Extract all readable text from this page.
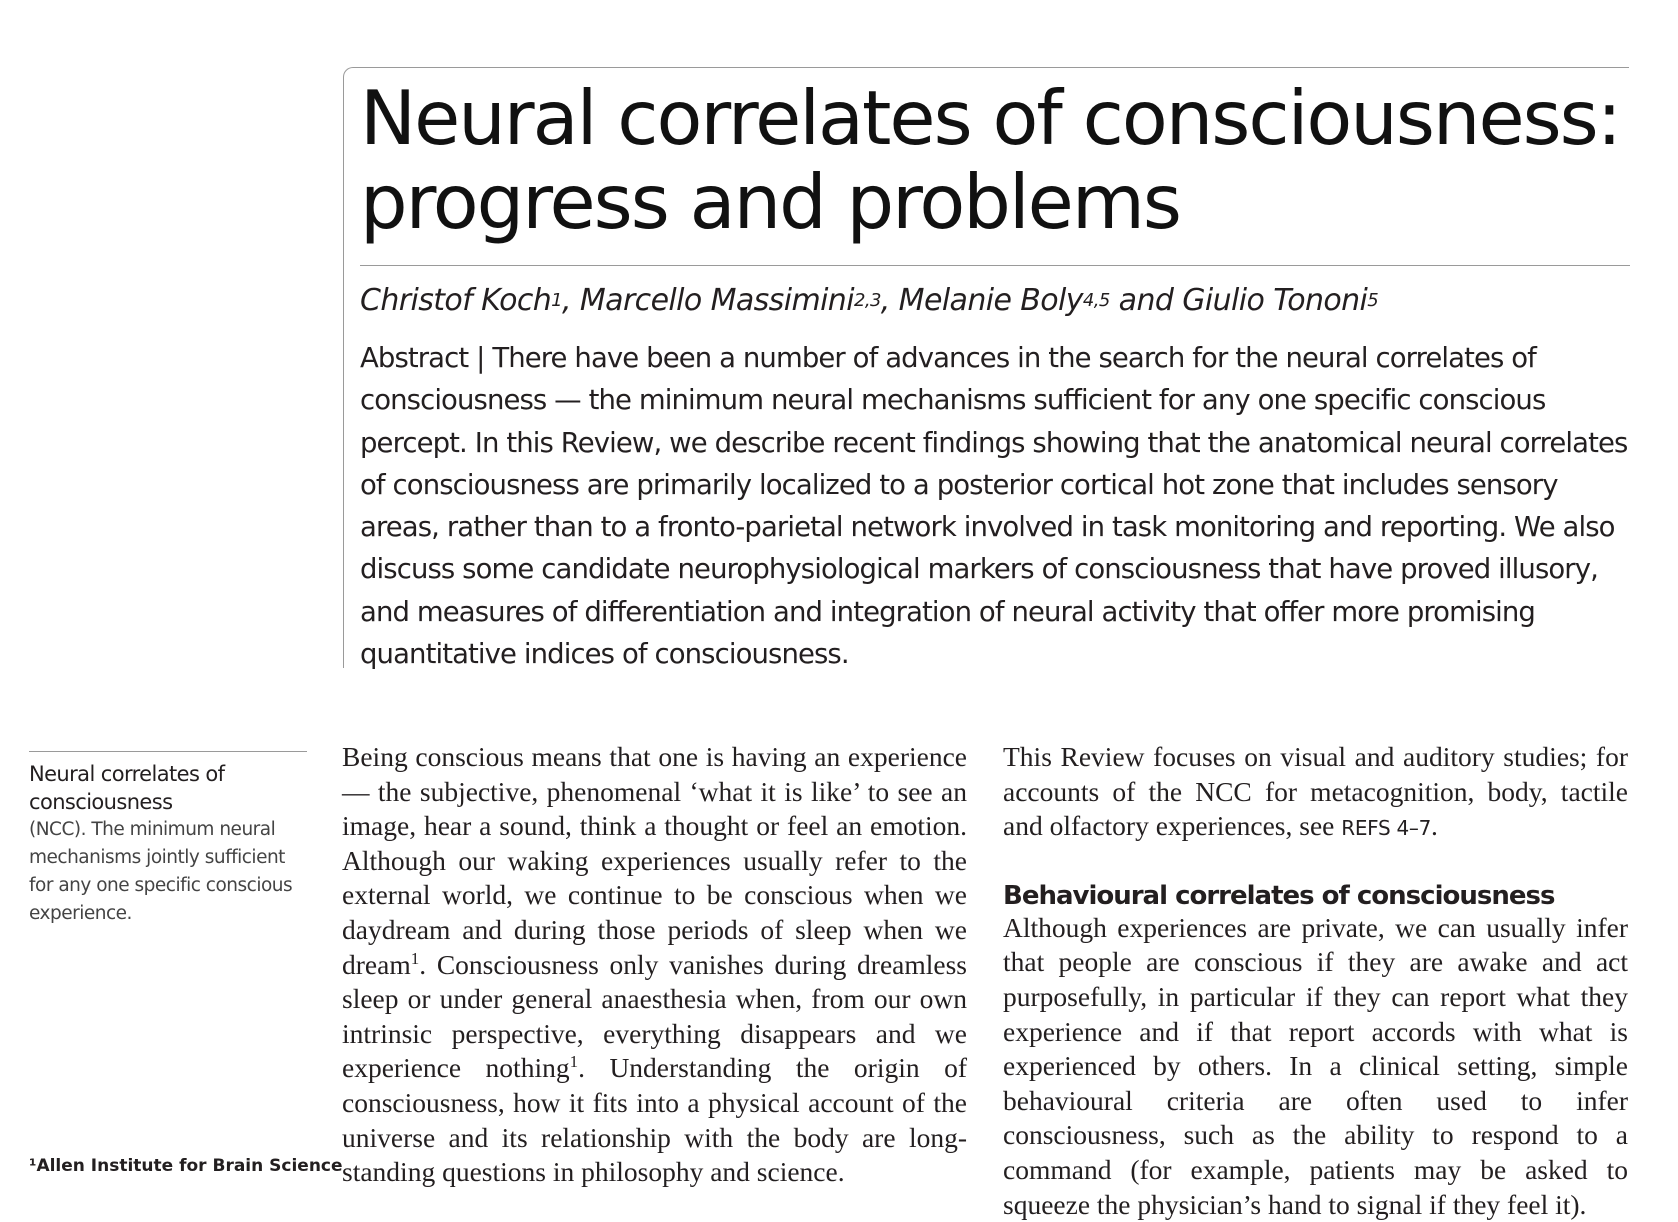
Neural correlates of consciousness: progress and problems
Christof Koch$^1$, Marcello Massimini$^{2,3}$, Melanie Boly$^{4,5}$ and Giulio Tononi$^5$

Abstract | There have been a number of advances in the search for the neural correlates of consciousness — the minimum neural mechanisms sufficient for any one specific conscious percept. In this Review, we describe recent findings showing that the anatomical neural correlates of consciousness are primarily localized to a posterior cortical hot zone that includes sensory areas, rather than to a fronto-parietal network involved in task monitoring and reporting. We also discuss some candidate neurophysiological markers of consciousness that have proved illusory, and measures of differentiation and integration of neural activity that offer more promising quantitative indices of consciousness.

Neural correlates of consciousness
(NCC). The minimum neural mechanisms jointly sufficient for any one specific conscious experience.

Being conscious means that one is having an experience — the subjective, phenomenal ‘what it is like’ to see an image, hear a sound, think a thought or feel an emotion. Although our waking experiences usually refer to the external world, we continue to be conscious when we daydream and during those periods of sleep when we dream$^1$. Consciousness only vanishes during dreamless sleep or under general anaesthesia when, from our own intrinsic perspective, everything disappears and we experience nothing$^1$. Understanding the origin of consciousness, how it fits into a physical account of the universe and its relationship with the body are long-standing questions in philosophy and science.

This Review focuses on visual and auditory studies; for accounts of the NCC for metacognition, body, tactile and olfactory experiences, see REFS 4–7.

Behavioural correlates of consciousness

Although experiences are private, we can usually infer that people are conscious if they are awake and act purposefully, in particular if they can report what they experience and if that report accords with what is experienced by others. In a clinical setting, simple behavioural criteria are often used to infer consciousness, such as the ability to respond to a command (for example, patients may be asked to squeeze the physician’s hand to signal if they feel it).

¹Allen Institute for Brain Science
